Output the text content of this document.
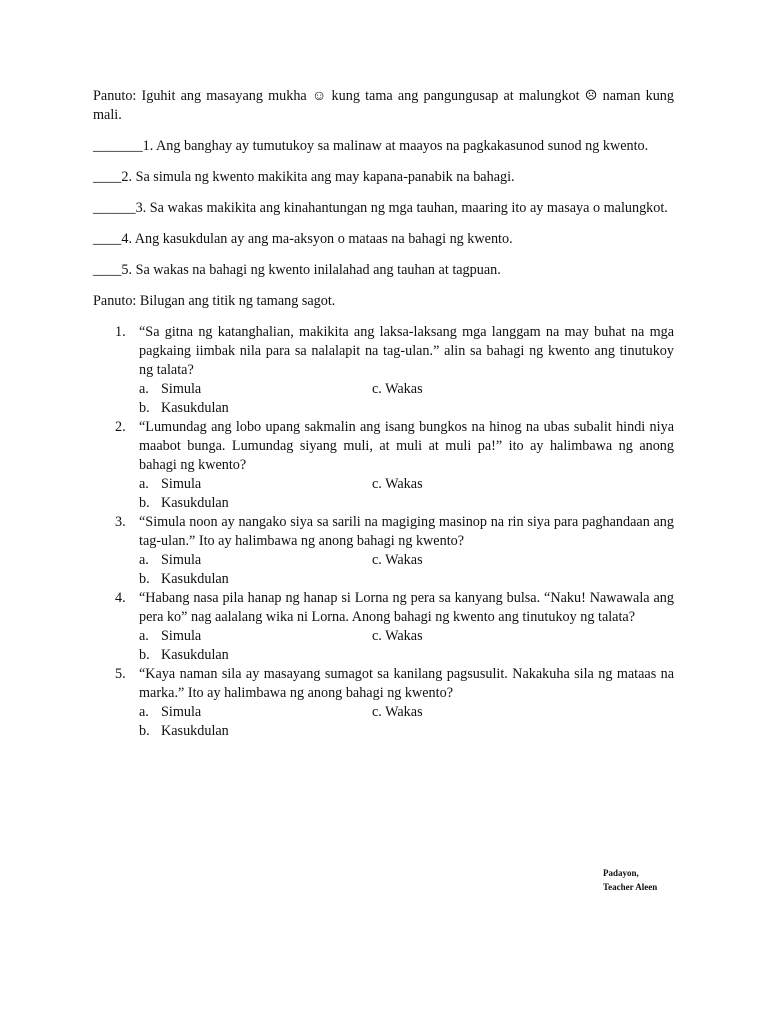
Panuto: Iguhit ang masayang mukha ☺ kung tama ang pangungusap at malungkot ☹ naman kung mali.

_______1. Ang banghay ay tumutukoy sa malinaw at maayos na pagkakasunod sunod ng kwento.

____2. Sa simula ng kwento makikita ang may kapana-panabik na bahagi.

______3. Sa wakas makikita ang kinahantungan ng mga tauhan, maaring ito ay masaya o malungkot.

____4. Ang kasukdulan ay ang ma-aksyon o mataas na bahagi ng kwento.

____5. Sa wakas na bahagi ng kwento inilalahad ang tauhan at tagpuan.

Panuto: Bilugan ang titik ng tamang sagot.

1. “Sa gitna ng katanghalian, makikita ang laksa-laksang mga langgam na may buhat na mga pagkaing iimbak nila para sa nalalapit na tag-ulan.” alin sa bahagi ng kwento ang tinutukoy ng talata?

a. Simula	c. Wakas
b. Kasukdulan
2. “Lumundag ang lobo upang sakmalin ang isang bungkos na hinog na ubas subalit hindi niya maabot bunga. Lumundag siyang muli, at muli at muli pa!” ito ay halimbawa ng anong bahagi ng kwento?

a. Simula	c. Wakas
b. Kasukdulan
3. “Simula noon ay nangako siya sa sarili na magiging masinop na rin siya para paghandaan ang tag-ulan.” Ito ay halimbawa ng anong bahagi ng kwento?

a. Simula	c. Wakas
b. Kasukdulan
4. “Habang nasa pila hanap ng hanap si Lorna ng pera sa kanyang bulsa. “Naku! Nawawala ang pera ko” nag aalalang wika ni Lorna. Anong bahagi ng kwento ang tinutukoy ng talata?

a. Simula	c. Wakas
b. Kasukdulan
5. “Kaya naman sila ay masayang sumagot sa kanilang pagsusulit. Nakakuha sila ng mataas na marka.” Ito ay halimbawa ng anong bahagi ng kwento?

a. Simula	c. Wakas
b. Kasukdulan
Padayon,
Teacher Aleen
